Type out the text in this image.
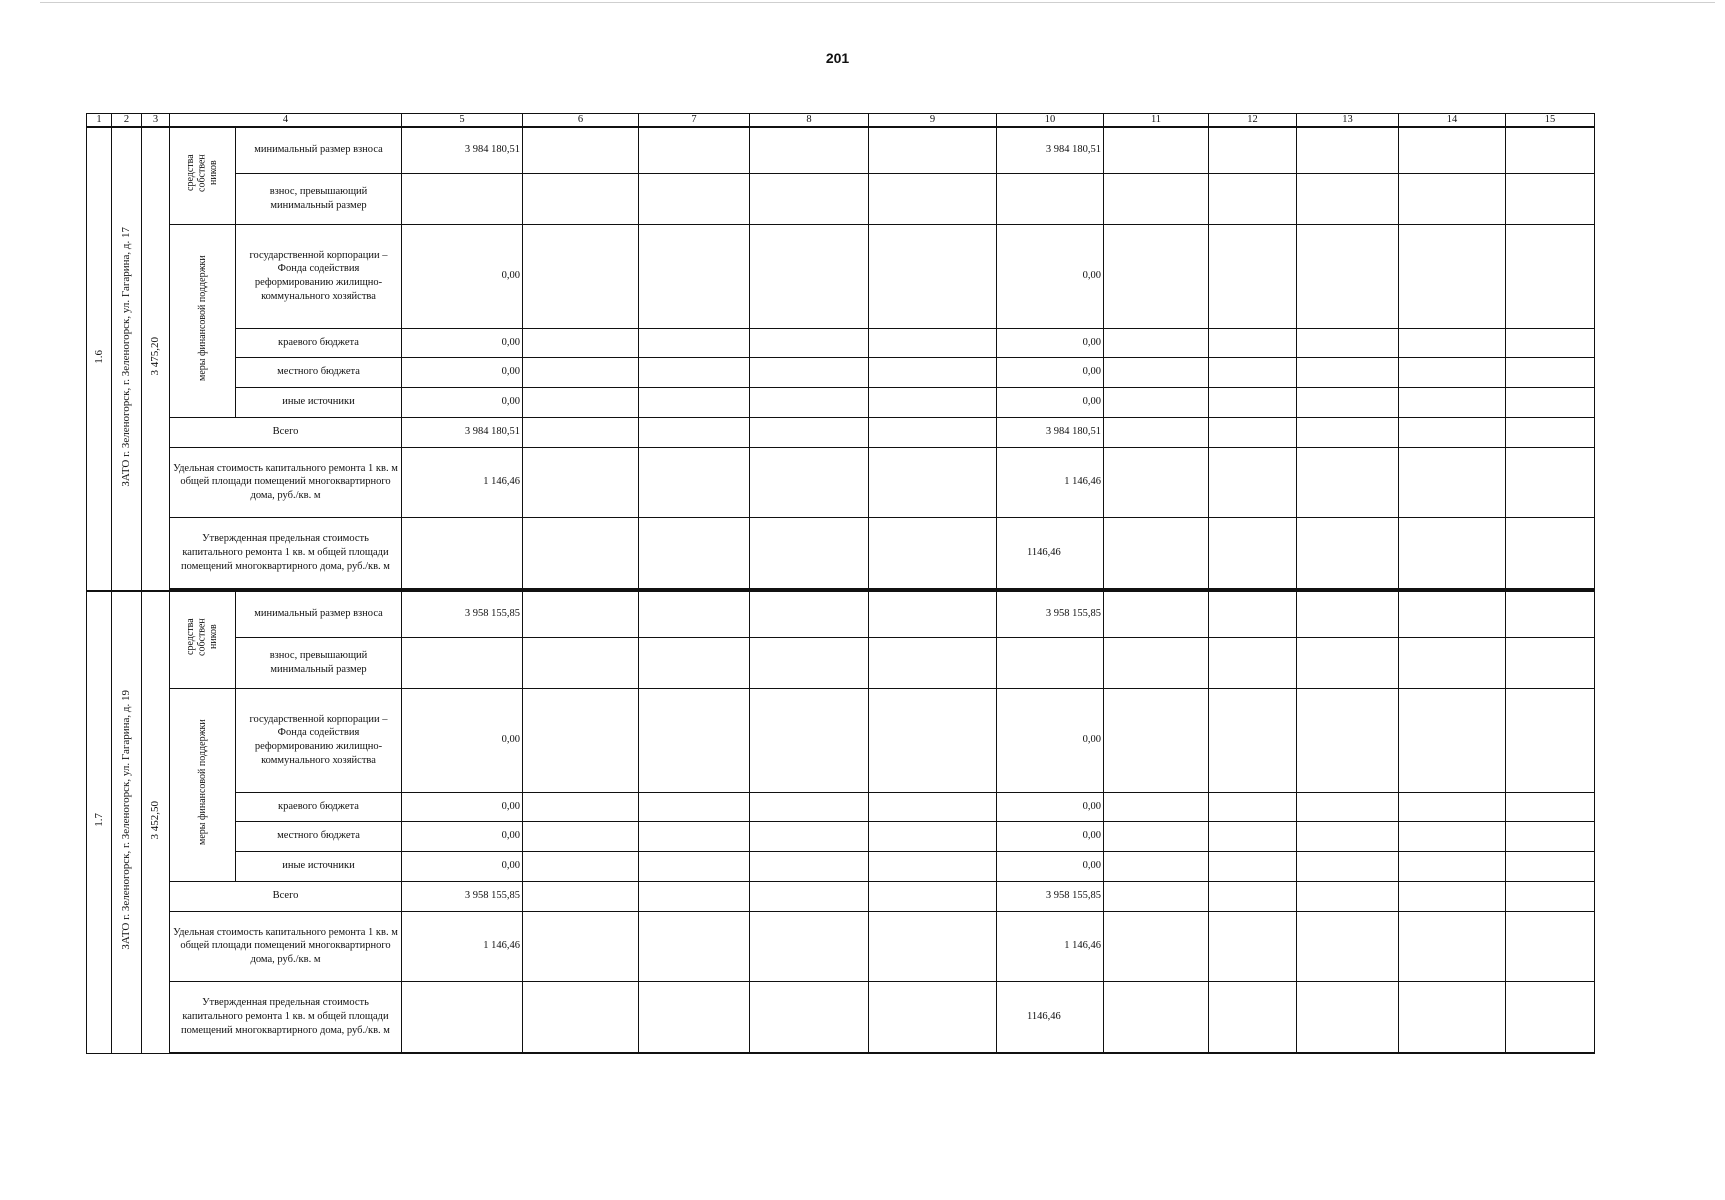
201
1	2	3	4		5	6	7	8	9	10	11	12	13	14	15
1.6	ЗАТО г. Зеленогорск, г. Зеленогорск, ул. Гагарина, д. 17	3 475,20	средства собствен ников	минимальный размер взноса	3 984 180,51					3 984 180,51					
				взнос, превышающий минимальный размер											
			меры финансовой поддержки	государственной корпорации – Фонда содействия реформированию жилищно-коммунального хозяйства	0,00					0,00					
				краевого бюджета	0,00					0,00					
				местного бюджета	0,00					0,00					
				иные источники	0,00					0,00					
			Всего		3 984 180,51					3 984 180,51					
			Удельная стоимость капитального ремонта 1 кв. м общей площади помещений многоквартирного дома, руб./кв. м		1 146,46					1 146,46					
			Утвержденная предельная стоимость капитального ремонта 1 кв. м общей площади помещений многоквартирного дома, руб./кв. м							1146,46					

1.7	ЗАТО г. Зеленогорск, г. Зеленогорск, ул. Гагарина, д. 19	3 452,50	средства собствен ников	минимальный размер взноса	3 958 155,85					3 958 155,85					
				взнос, превышающий минимальный размер											
			меры финансовой поддержки	государственной корпорации – Фонда содействия реформированию жилищно-коммунального хозяйства	0,00					0,00					
				краевого бюджета	0,00					0,00					
				местного бюджета	0,00					0,00					
				иные источники	0,00					0,00					
			Всего		3 958 155,85					3 958 155,85					
			Удельная стоимость капитального ремонта 1 кв. м общей площади помещений многоквартирного дома, руб./кв. м		1 146,46					1 146,46					
			Утвержденная предельная стоимость капитального ремонта 1 кв. м общей площади помещений многоквартирного дома, руб./кв. м							1146,46					
